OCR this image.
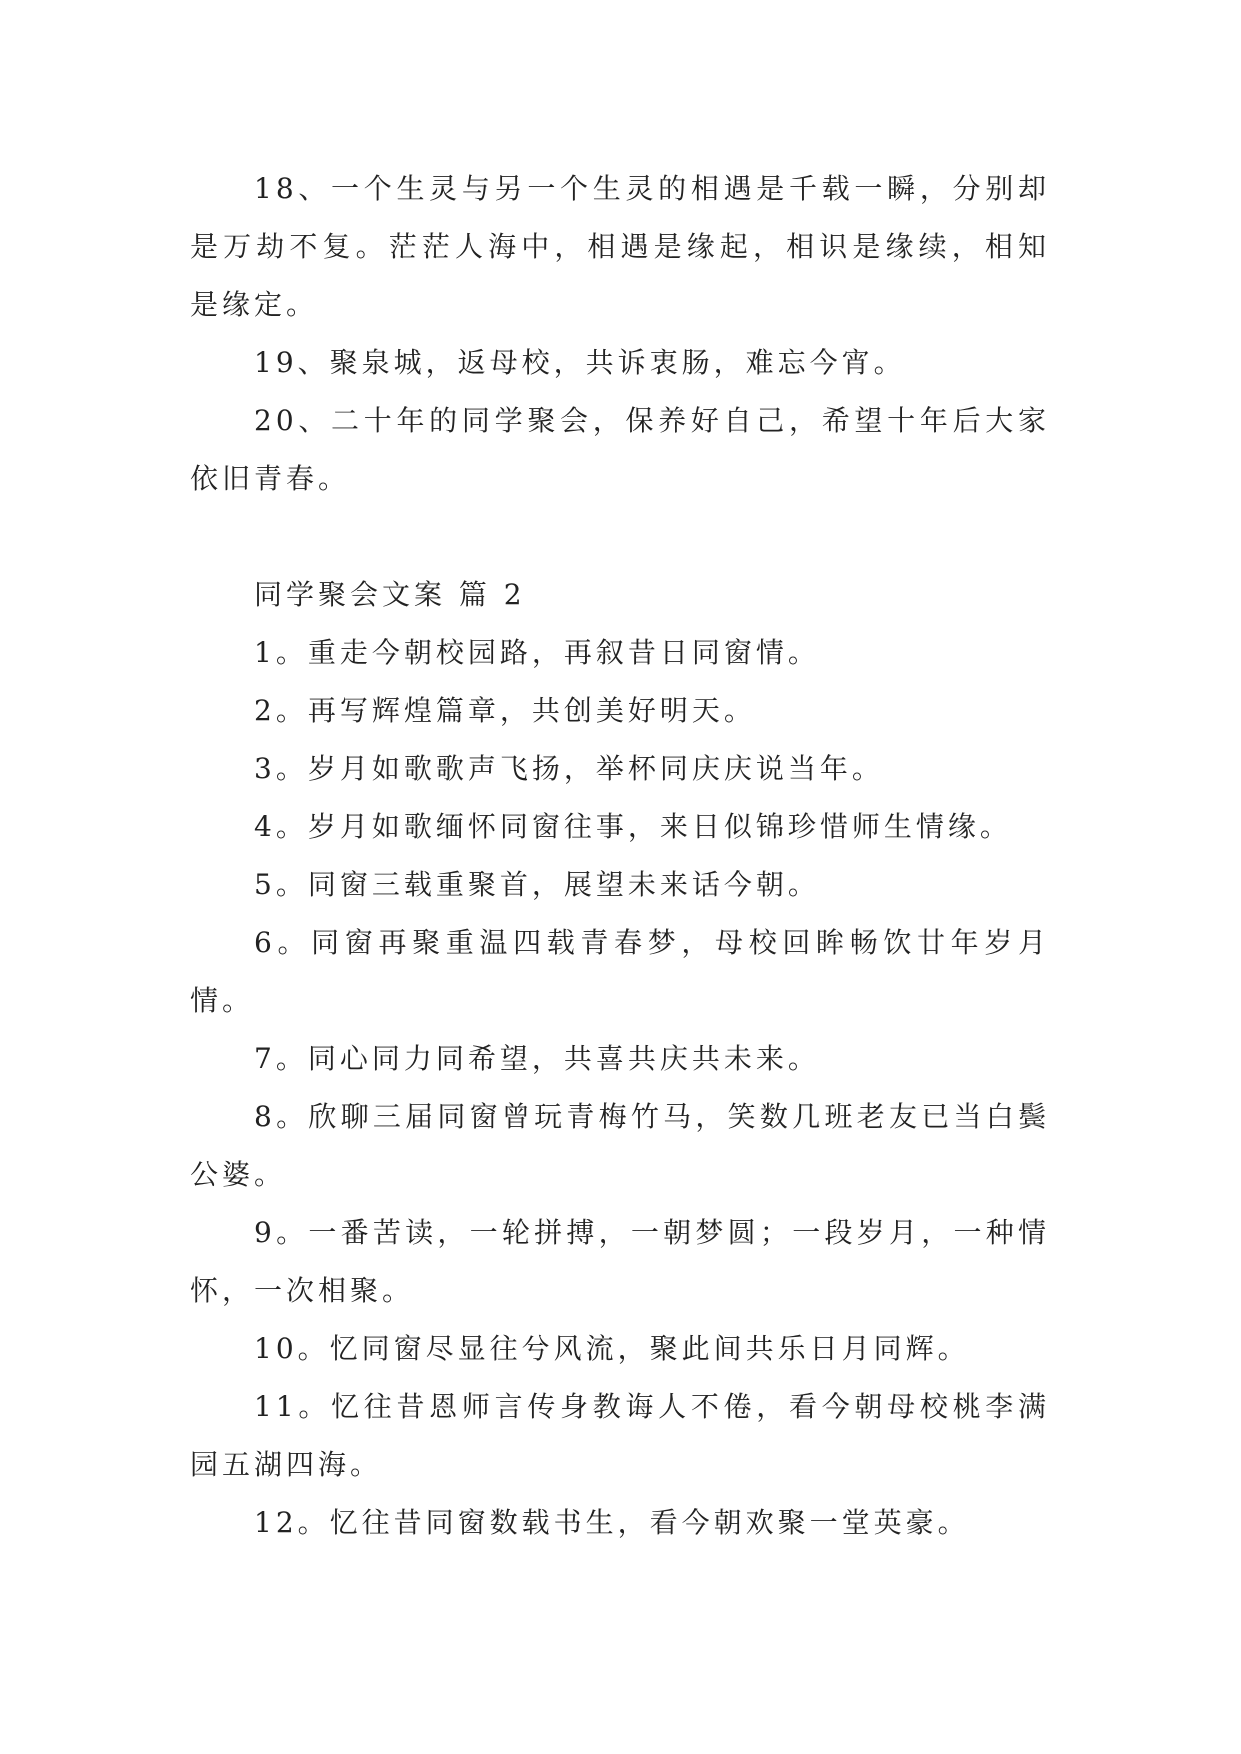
18、一个生灵与另一个生灵的相遇是千载一瞬，分别却是万劫不复。茫茫人海中，相遇是缘起，相识是缘续，相知是缘定。

19、聚泉城，返母校，共诉衷肠，难忘今宵。

20、二十年的同学聚会，保养好自己，希望十年后大家依旧青春。

同学聚会文案 篇 2

1。重走今朝校园路，再叙昔日同窗情。

2。再写辉煌篇章，共创美好明天。

3。岁月如歌歌声飞扬，举杯同庆庆说当年。

4。岁月如歌缅怀同窗往事，来日似锦珍惜师生情缘。

5。同窗三载重聚首，展望未来话今朝。

6。同窗再聚重温四载青春梦，母校回眸畅饮廿年岁月情。

7。同心同力同希望，共喜共庆共未来。

8。欣聊三届同窗曾玩青梅竹马，笑数几班老友已当白鬓公婆。

9。一番苦读，一轮拼搏，一朝梦圆；一段岁月，一种情怀，一次相聚。

10。忆同窗尽显往兮风流，聚此间共乐日月同辉。

11。忆往昔恩师言传身教诲人不倦，看今朝母校桃李满园五湖四海。

12。忆往昔同窗数载书生，看今朝欢聚一堂英豪。
